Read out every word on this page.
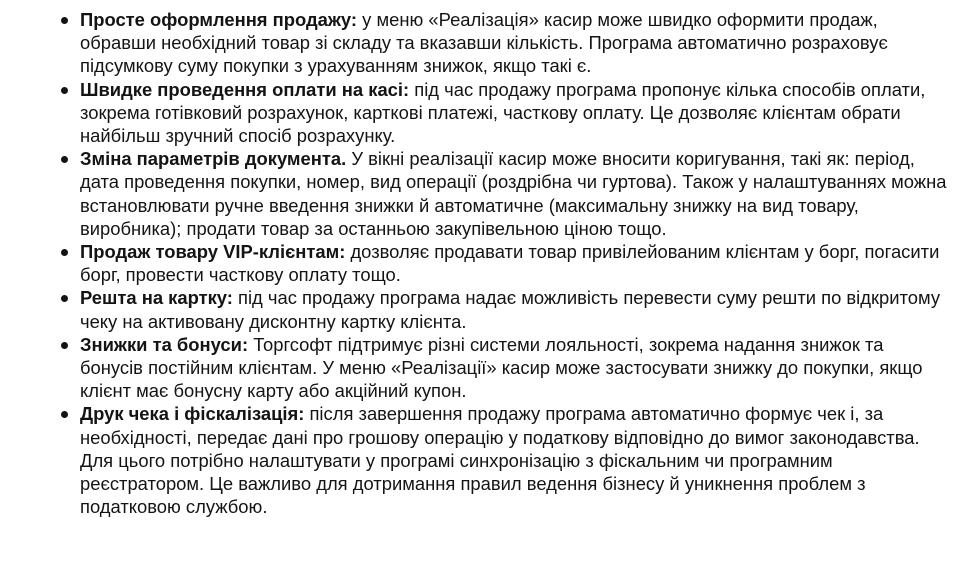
Просте оформлення продажу: у меню «Реалізація» касир може швидко оформити продаж, обравши необхідний товар зі складу та вказавши кількість. Програма автоматично розраховує підсумкову суму покупки з урахуванням знижок, якщо такі є.
Швидке проведення оплати на касі: під час продажу програма пропонує кілька способів оплати, зокрема готівковий розрахунок, карткові платежі, часткову оплату. Це дозволяє клієнтам обрати найбільш зручний спосіб розрахунку.
Зміна параметрів документа. У вікні реалізації касир може вносити коригування, такі як: період, дата проведення покупки, номер, вид операції (роздрібна чи гуртова). Також у налаштуваннях можна встановлювати ручне введення знижки й автоматичне (максимальну знижку на вид товару, виробника); продати товар за останньою закупівельною ціною тощо.
Продаж товару VIP-клієнтам: дозволяє продавати товар привілейованим клієнтам у борг, погасити борг, провести часткову оплату тощо.
Решта на картку: під час продажу програма надає можливість перевести суму решти по відкритому чеку на активовану дисконтну картку клієнта.
Знижки та бонуси: Торгсофт підтримує різні системи лояльності, зокрема надання знижок та бонусів постійним клієнтам. У меню «Реалізації» касир може застосувати знижку до покупки, якщо клієнт має бонусну карту або акційний купон.
Друк чека і фіскалізація: після завершення продажу програма автоматично формує чек і, за необхідності, передає дані про грошову операцію у податкову відповідно до вимог законодавства. Для цього потрібно налаштувати у програмі синхронізацію з фіскальним чи програмним реєстратором. Це важливо для дотримання правил ведення бізнесу й уникнення проблем з податковою службою.
